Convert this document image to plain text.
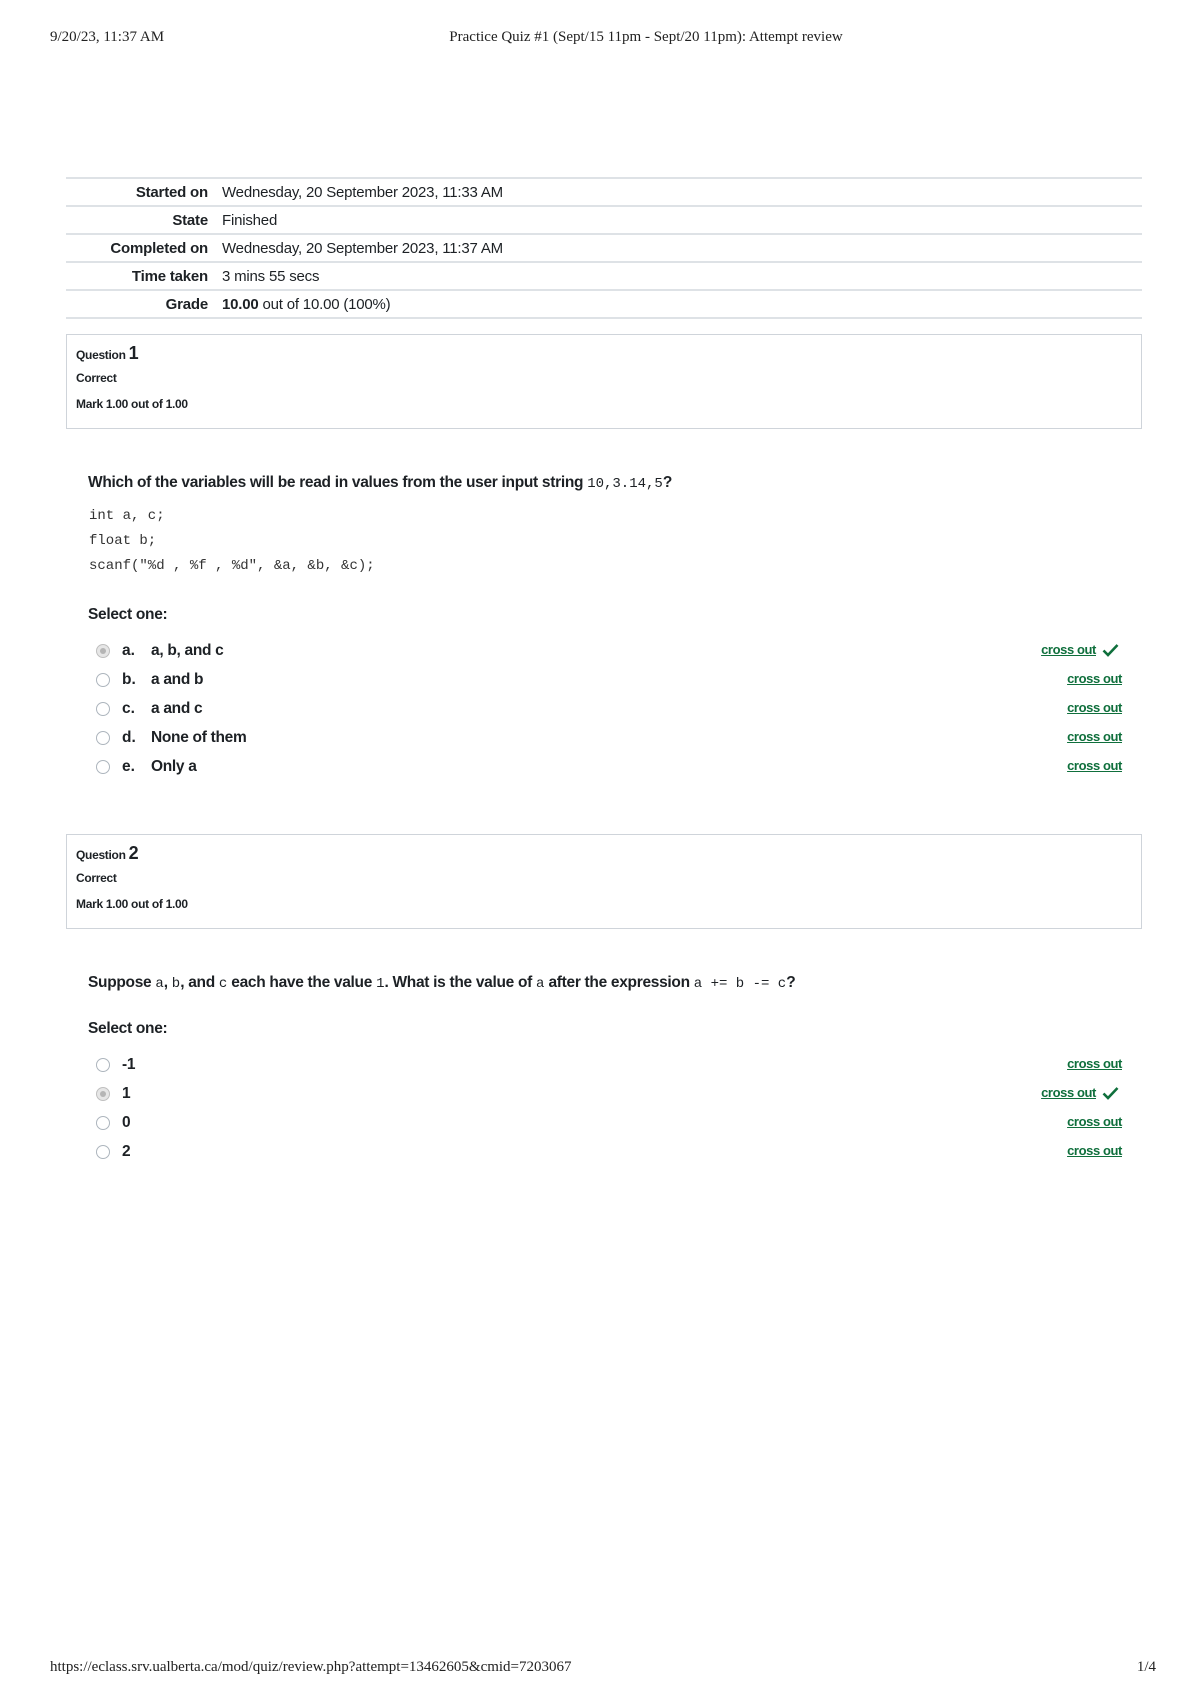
9/20/23, 11:37 AM	Practice Quiz #1 (Sept/15 11pm - Sept/20 11pm): Attempt review
Started on Wednesday, 20 September 2023, 11:33 AM
State Finished
Completed on Wednesday, 20 September 2023, 11:37 AM
Time taken 3 mins 55 secs
Grade 10.00 out of 10.00 (100%)
Question 1
Correct
Mark 1.00 out of 1.00
Which of the variables will be read in values from the user input string 10,3.14,5?
int a, c;
float b;
scanf("%d , %f , %d", &a, &b, &c);
Select one:
a.	a, b, and c	cross out
b. a and b	cross out
c.	a and c	cross out
d. None of them	cross out
e.	Only a	cross out
Question 2
Correct
Mark 1.00 out of 1.00
Suppose a, b, and c each have the value 1. What is the value of a after the expression a += b -= c?
Select one:
-1	cross out
1	cross out
0	cross out
2	cross out
https://eclass.srv.ualberta.ca/mod/quiz/review.php?attempt=13462605&cmid=7203067	1/4
